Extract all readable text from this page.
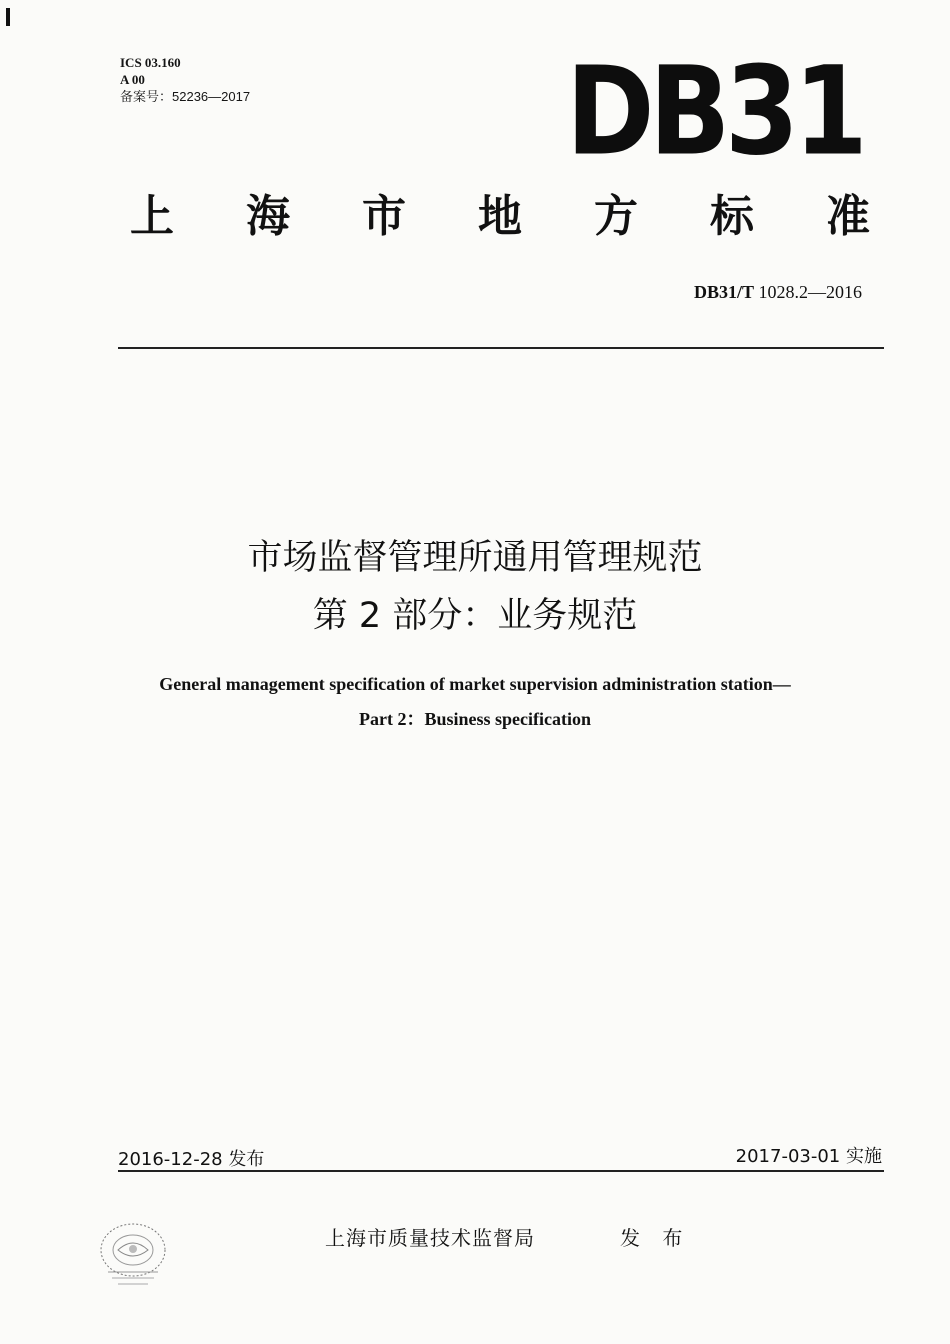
ICS 03.160
A 00
备案号：52236—2017	DB31
上 海 市 地 方 标 准
DB31/T 1028.2—2016
市场监督管理所通用管理规范
第 2 部分：业务规范
General management specification of market supervision administration station—
Part 2：Business specification
2016-12-28 发布	2017-03-01 实施
上海市质量技术监督局	发 布
